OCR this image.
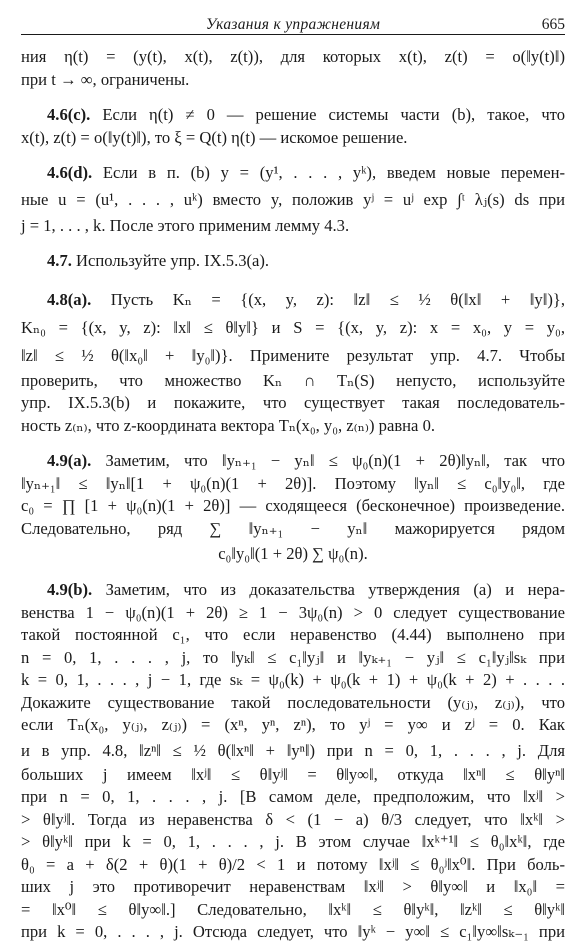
Указания к упражнениям	665
ния η(t) = (y(t), x(t), z(t)), для которых x(t), z(t) = o(‖y(t)‖)
при t → ∞, ограничены.
4.6(с). Если η(t) ≠ 0 — решение системы части (b), такое, что
x(t), z(t) = o(‖y(t)‖), то ξ = Q(t) η(t) — искомое решение.
4.6(d). Если в п. (b) y = (y¹, . . . , yᵏ), введем новые перемен-
ные u = (u¹, . . . , uᵏ) вместо y, положив yʲ = uʲ exp ∫ᵗ λⱼ(s) ds при
j = 1, . . . , k. После этого применим лемму 4.3.
4.7. Используйте упр. IX.5.3(а).
4.8(а). Пусть Kₙ = {(x, y, z): ‖z‖ ≤ ½ θ(‖x‖ + ‖y‖)},
Kₙ₀ = {(x, y, z): ‖x‖ ≤ θ‖y‖} и S = {(x, y, z): x = x₀, y = y₀,
‖z‖ ≤ ½ θ(‖x₀‖ + ‖y₀‖)}. Примените результат упр. 4.7. Чтобы
проверить, что множество Kₙ ∩ Tₙ(S) непусто, используйте
упр. IX.5.3(b) и покажите, что существует такая последователь-
ность z₍ₙ₎, что z-координата вектора Tₙ(x₀, y₀, z₍ₙ₎) равна 0.
4.9(а). Заметим, что ‖yₙ₊₁ − yₙ‖ ≤ ψ₀(n)(1 + 2θ)‖yₙ‖, так что
‖yₙ₊₁‖ ≤ ‖yₙ‖[1 + ψ₀(n)(1 + 2θ)]. Поэтому ‖yₙ‖ ≤ c₀‖y₀‖, где
c₀ = ∏ [1 + ψ₀(n)(1 + 2θ)] — сходящееся (бесконечное) произведение.
Следовательно, ряд ∑ ‖yₙ₊₁ − yₙ‖ мажорируется рядом
c₀‖y₀‖(1 + 2θ) ∑ ψ₀(n).
4.9(b). Заметим, что из доказательства утверждения (а) и нера-
венства 1 − ψ₀(n)(1 + 2θ) ≥ 1 − 3ψ₀(n) > 0 следует существование
такой постоянной c₁, что если неравенство (4.44) выполнено при
n = 0, 1, . . . , j, то ‖yₖ‖ ≤ c₁‖yⱼ‖ и ‖yₖ₊₁ − yⱼ‖ ≤ c₁‖yⱼ‖sₖ при
k = 0, 1, . . . , j − 1, где sₖ = ψ₀(k) + ψ₀(k + 1) + ψ₀(k + 2) + . . . .
Докажите существование такой последовательности (y₍ⱼ₎, z₍ⱼ₎), что
если Tₙ(x₀, y₍ⱼ₎, z₍ⱼ₎) = (xⁿ, yⁿ, zⁿ), то yʲ = y∞ и zʲ = 0. Как
и в упр. 4.8, ‖zⁿ‖ ≤ ½ θ(‖xⁿ‖ + ‖yⁿ‖) при n = 0, 1, . . . , j. Для
больших j имеем ‖xʲ‖ ≤ θ‖yʲ‖ = θ‖y∞‖, откуда ‖xⁿ‖ ≤ θ‖yⁿ‖
при n = 0, 1, . . . , j. [В самом деле, предположим, что ‖xʲ‖ >
> θ‖yʲ‖. Тогда из неравенства δ < (1 − a) θ/3 следует, что ‖xᵏ‖ >
> θ‖yᵏ‖ при k = 0, 1, . . . , j. В этом случае ‖xᵏ⁺¹‖ ≤ θ₀‖xᵏ‖, где
θ₀ = a + δ(2 + θ)(1 + θ)/2 < 1 и потому ‖xʲ‖ ≤ θ₀ʲ‖x⁰‖. При боль-
ших j это противоречит неравенствам ‖xʲ‖ > θ‖y∞‖ и ‖x₀‖ =
= ‖x⁰‖ ≤ θ‖y∞‖.] Следовательно, ‖xᵏ‖ ≤ θ‖yᵏ‖, ‖zᵏ‖ ≤ θ‖yᵏ‖
при k = 0, . . . , j. Отсюда следует, что ‖yᵏ − y∞‖ ≤ c₁‖y∞‖sₖ₋₁ при
